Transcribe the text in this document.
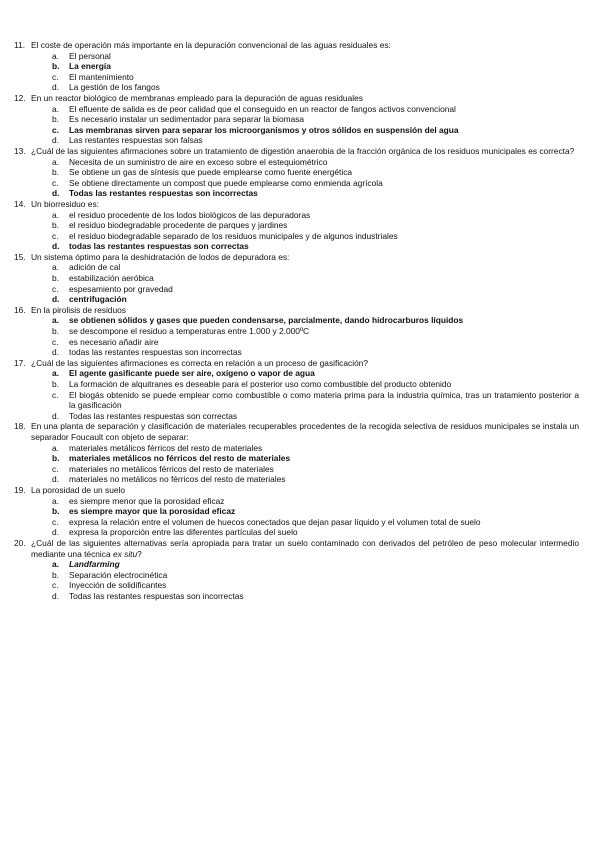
11. El coste de operación más importante en la depuración convencional de las aguas residuales es:
a.	El personal
b.	La energía
c.	El mantenimiento
d.	La gestión de los fangos
12. En un reactor biológico de membranas empleado para la depuración de aguas residuales
a.	El efluente de salida es de peor calidad que el conseguido en un reactor de fangos activos convencional
b.	Es necesario instalar un sedimentador para separar la biomasa
c.	Las membranas sirven para separar los microorganismos y otros sólidos en suspensión del agua
d.	Las restantes respuestas son falsas
13. ¿Cuál de las siguientes afirmaciones sobre un tratamiento de digestión anaerobia de la fracción orgánica de los residuos municipales es correcta?
a.	Necesita de un suministro de aire en exceso sobre el estequiométrico
b.	Se obtiene un gas de síntesis que puede emplearse como fuente energética
c.	Se obtiene directamente un compost que puede emplearse como enmienda agrícola
d.	Todas las restantes respuestas son incorrectas
14. Un biorresiduo es:
a.	el residuo procedente de los lodos biológicos de las depuradoras
b.	el residuo biodegradable procedente de parques y jardines
c.	el residuo biodegradable separado de los residuos municipales y de algunos industriales
d.	todas las restantes respuestas son correctas
15. Un sistema óptimo para la deshidratación de lodos de depuradora es:
a.	adición de cal
b.	estabilización aeróbica
c.	espesamiento por gravedad
d.	centrifugación
16. En la pirolisis de residuos
a.	se obtienen sólidos y gases que pueden condensarse, parcialmente, dando hidrocarburos líquidos
b.	se descompone el residuo a temperaturas entre 1.000 y 2.000ºC
c.	es necesario añadir aire
d.	todas las restantes respuestas son incorrectas
17. ¿Cuál de las siguientes afirmaciones es correcta en relación a un proceso de gasificación?
a.	El agente gasificante puede ser aire, oxígeno o vapor de agua
b.	La formación de alquitranes es deseable para el posterior uso como combustible del producto obtenido
c.	El biogás obtenido se puede emplear como combustible o como materia prima para la industria química, tras un tratamiento posterior a la gasificación
d.	Todas las restantes respuestas son correctas
18. En una planta de separación y clasificación de materiales recuperables procedentes de la recogida selectiva de residuos municipales se instala un separador Foucault con objeto de separar:
a.	materiales metálicos férricos del resto de materiales
b.	materiales metálicos no férricos del resto de materiales
c.	materiales no metálicos férricos del resto de materiales
d.	materiales no metálicos no férricos del resto de materiales
19. La porosidad de un suelo
a.	es siempre menor que la porosidad eficaz
b.	es siempre mayor que la porosidad eficaz
c.	expresa la relación entre el volumen de huecos conectados que dejan pasar líquido y el volumen total de suelo
d.	expresa la proporción entre las diferentes partículas del suelo
20. ¿Cuál de las siguientes alternativas sería apropiada para tratar un suelo contaminado con derivados del petróleo de peso molecular intermedio mediante una técnica ex situ?
a.	Landfarming
b.	Separación electrocinética
c.	Inyección de solidificantes
d.	Todas las restantes respuestas son incorrectas
